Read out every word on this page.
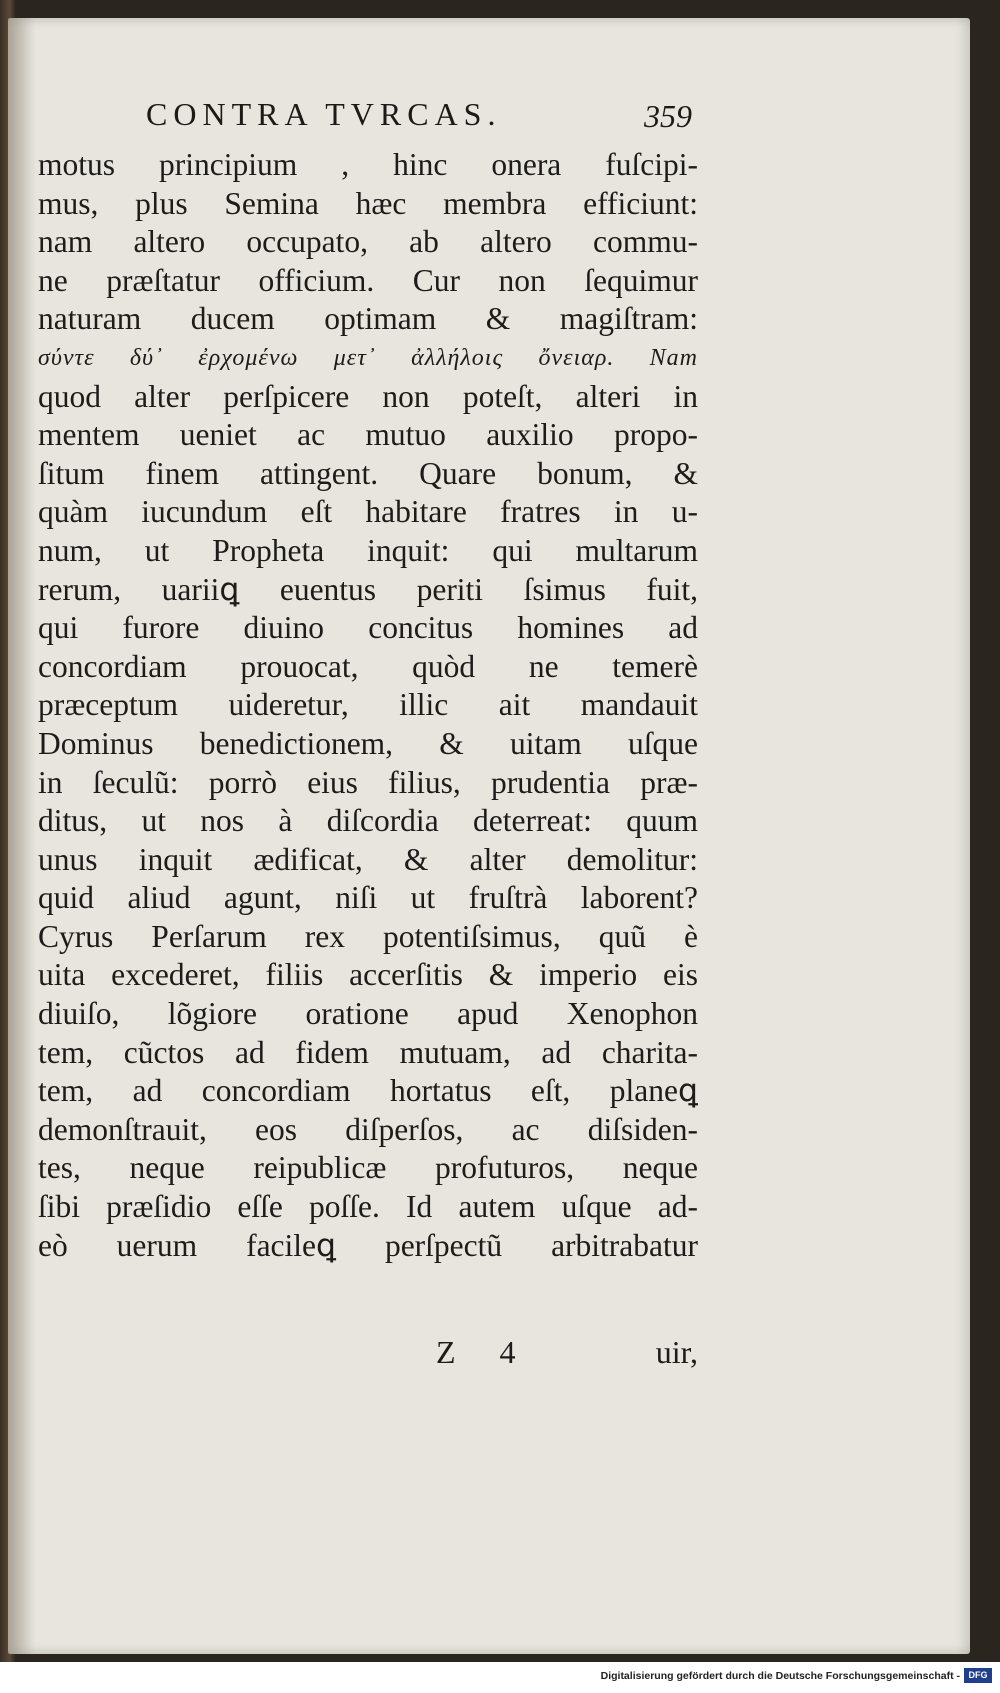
CONTRA TVRCAS.	359
motus principium , hinc onera fuſcipi-
mus, plus Semina hæc membra efficiunt:
nam altero occupato, ab altero commu-
ne præſtatur officium. Cur non ſequimur
naturam ducem optimam & magiſtram:
σύντε δύ᾽ ἐρχομένω μετ᾽ ἀλλήλοις ὄνειαρ. Nam
quod alter perſpicere non poteſt, alteri in
mentem ueniet ac mutuo auxilio propo-
ſitum finem attingent. Quare bonum, &
quàm iucundum eſt habitare fratres in u-
num, ut Propheta inquit: qui multarum
rerum, uariiꝗ euentus periti ſsimus fuit,
qui furore diuino concitus homines ad
concordiam prouocat, quòd ne temerè
præceptum uideretur, illic ait mandauit
Dominus benedictionem, & uitam uſque
in ſeculũ: porrò eius filius, prudentia præ-
ditus, ut nos à diſcordia deterreat: quum
unus inquit ædificat, & alter demolitur:
quid aliud agunt, niſi ut fruſtrà laborent?
Cyrus Perſarum rex potentiſsimus, quũ è
uita excederet, filiis accerſitis & imperio eis
diuiſo, lõgiore oratione apud Xenophon
tem, cũctos ad fidem mutuam, ad charita-
tem, ad concordiam hortatus eſt, planeꝗ
demonſtrauit, eos diſperſos, ac diſsiden-
tes, neque reipublicæ profuturos, neque
ſibi præſidio eſſe poſſe. Id autem uſque ad-
eò uerum facileꝗ perſpectũ arbitrabatur
Z 4	uir,
Digitalisierung gefördert durch die Deutsche Forschungsgemeinschaft - DFG
